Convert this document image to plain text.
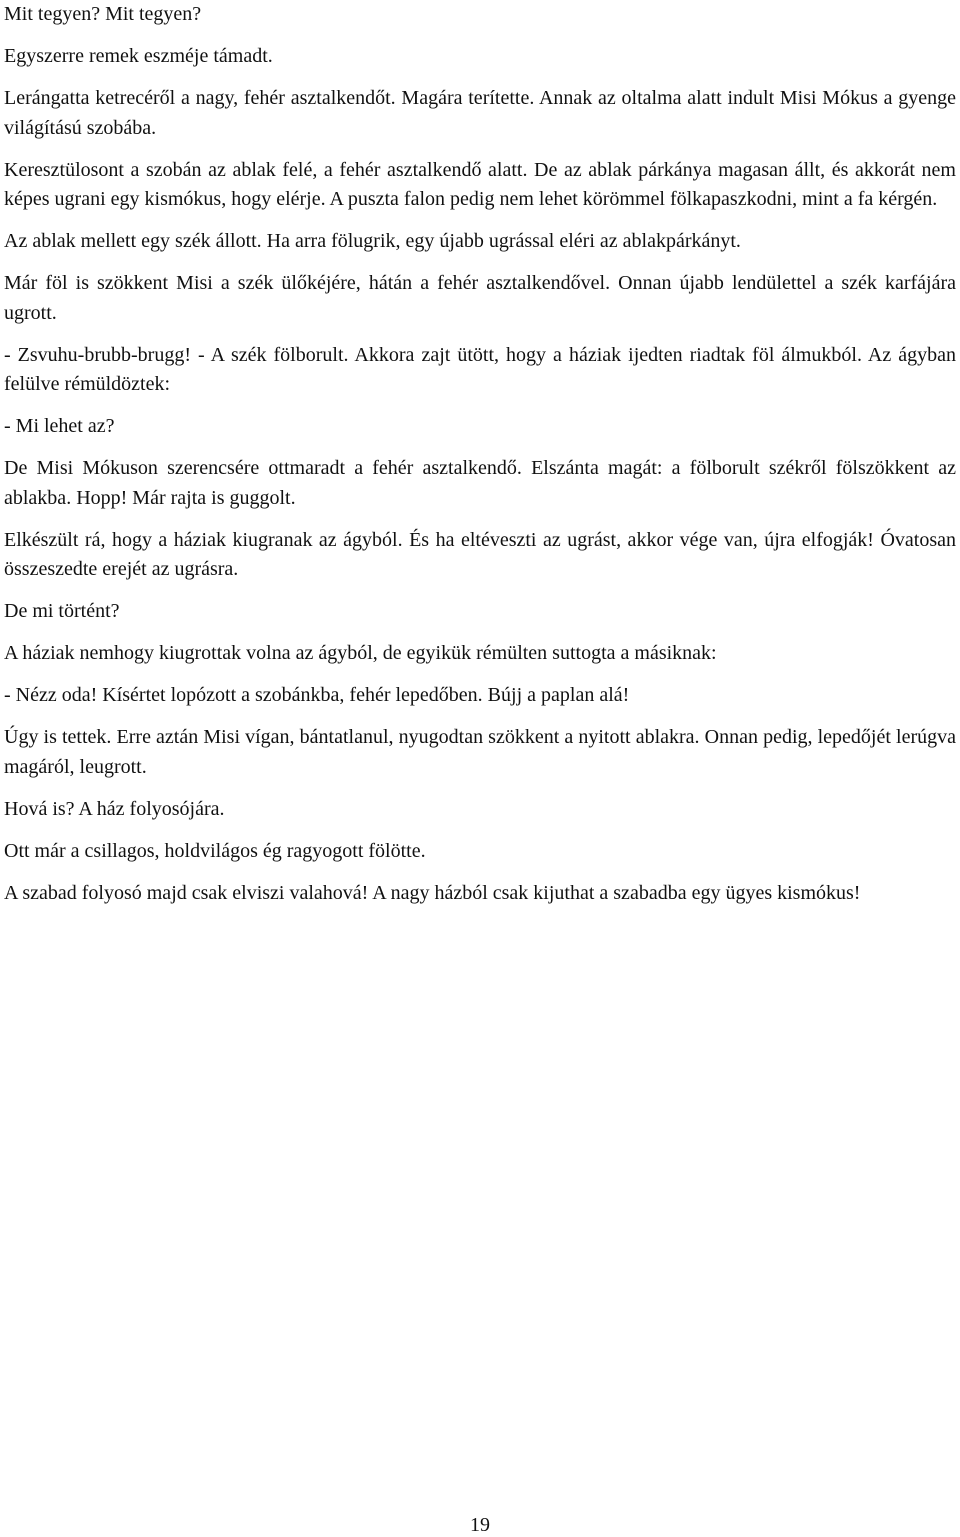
Mit tegyen? Mit tegyen?

Egyszerre remek eszméje támadt.

Lerángatta ketrecéről a nagy, fehér asztalkendőt. Magára terítette. Annak az oltalma alatt indult Misi Mókus a gyenge világítású szobába.

Keresztülosont a szobán az ablak felé, a fehér asztalkendő alatt. De az ablak párkánya magasan állt, és akkorát nem képes ugrani egy kismókus, hogy elérje. A puszta falon pedig nem lehet körömmel fölkapaszkodni, mint a fa kérgén.

Az ablak mellett egy szék állott. Ha arra fölugrik, egy újabb ugrással eléri az ablakpárkányt.

Már föl is szökkent Misi a szék ülőkéjére, hátán a fehér asztalkendővel. Onnan újabb lendülettel a szék karfájára ugrott.

- Zsvuhu-brubb-brugg! - A szék fölborult. Akkora zajt ütött, hogy a háziak ijedten riadtak föl álmukból. Az ágyban felülve rémüldöztek:

- Mi lehet az?

De Misi Mókuson szerencsére ottmaradt a fehér asztalkendő. Elszánta magát: a fölborult székről fölszökkent az ablakba. Hopp! Már rajta is guggolt.

Elkészült rá, hogy a háziak kiugranak az ágyból. És ha eltéveszti az ugrást, akkor vége van, újra elfogják! Óvatosan összeszedte erejét az ugrásra.

De mi történt?

A háziak nemhogy kiugrottak volna az ágyból, de egyikük rémülten suttogta a másiknak:

- Nézz oda! Kísértet lopózott a szobánkba, fehér lepedőben. Bújj a paplan alá!

Úgy is tettek. Erre aztán Misi vígan, bántatlanul, nyugodtan szökkent a nyitott ablakra. Onnan pedig, lepedőjét lerúgva magáról, leugrott.

Hová is? A ház folyosójára.

Ott már a csillagos, holdvilágos ég ragyogott fölötte.

A szabad folyosó majd csak elviszi valahová! A nagy házból csak kijuthat a szabadba egy ügyes kismókus!

19
